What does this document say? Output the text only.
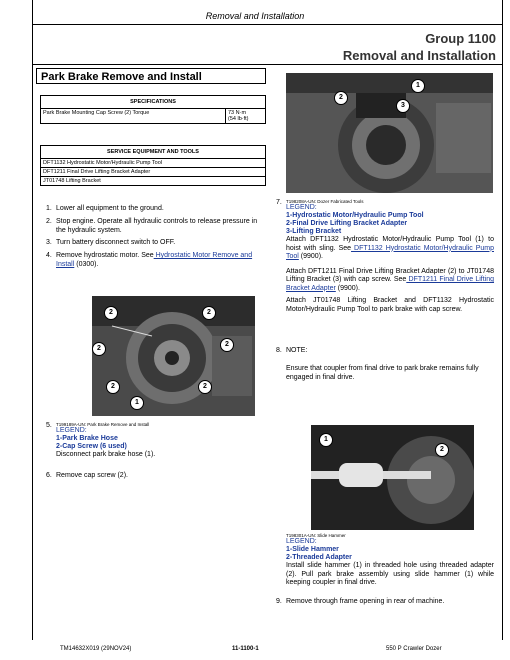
Removal and Installation
Group 1100
Removal and Installation
Park Brake Remove and Install
SPECIFICATIONS
Park Brake Mounting Cap Screw (2) Torque	73 N·m
(54 lb·ft)
SERVICE EQUIPMENT AND TOOLS
DFT1132 Hydrostatic Motor/Hydraulic Pump Tool
DFT1211 Final Drive Lifting Bracket Adapter
JT01748 Lifting Bracket
1. Lower all equipment to the ground.
2. Stop engine. Operate all hydraulic controls to release pressure in the hydraulic system.
3. Turn battery disconnect switch to OFF.
4. Remove hydrostatic motor. See Hydrostatic Motor Remove and Install (0300).
2	2
2
2
2	2
1
5. T199189A-UN: Park Brake Remove and Install
LEGEND:
1-Park Brake Hose
2-Cap Screw (6 used)
Disconnect park brake hose (1).
6. Remove cap screw (2).
1
2
3
7. T198208A-UN: Dozer Fabricated Tools
LEGEND:
1-Hydrostatic Motor/Hydraulic Pump Tool
2-Final Drive Lifting Bracket Adapter
3-Lifting Bracket
Attach DFT1132 Hydrostatic Motor/Hydraulic Pump Tool (1) to hoist with sling. See DFT1132 Hydrostatic Motor/Hydraulic Pump Tool (9900).
Attach DFT1211 Final Drive Lifting Bracket Adapter (2) to JT01748 Lifting Bracket (3) with cap screw. See DFT1211 Final Drive Lifting Bracket Adapter (9900).
Attach JT01748 Lifting Bracket and DFT1132 Hydrostatic Motor/Hydraulic Pump Tool to park brake with cap screw.
8. NOTE:
Ensure that coupler from final drive to park brake remains fully engaged in final drive.
1
2
T198301A-UN: Slide Hammer
LEGEND:
1-Slide Hammer
2-Threaded Adapter
Install slide hammer (1) in threaded hole using threaded adapter (2). Pull park brake assembly using slide hammer (1) while keeping coupler in final drive.
9. Remove through frame opening in rear of machine.
TM14632X019 (29NOV24)	11-1100-1	550 P Crawler Dozer
